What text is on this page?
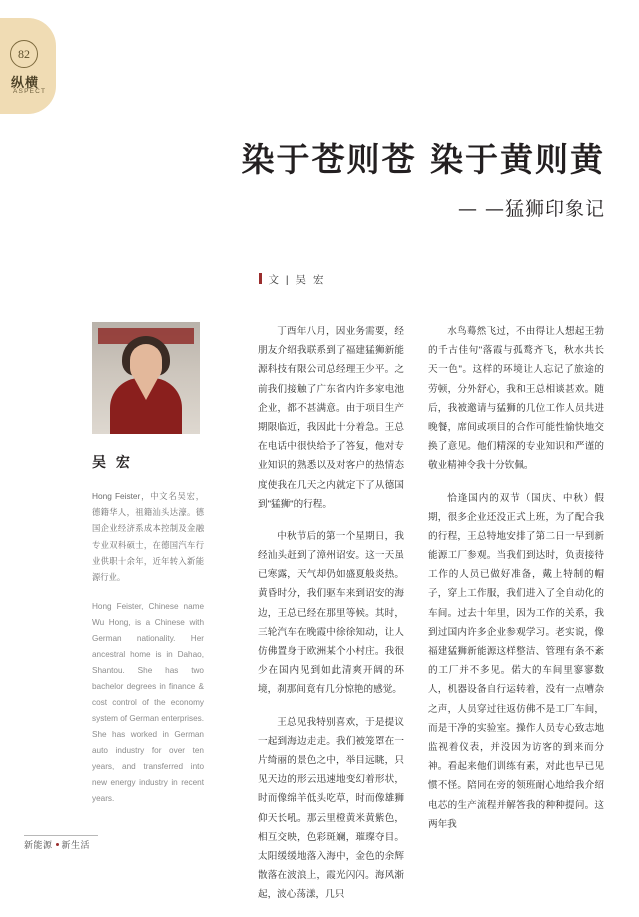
82
纵横
ASPECT
染于苍则苍 染于黄则黄
— —猛狮印象记
文 | 吴 宏
吴 宏
Hong Feister，中文名吴宏，德籍华人，祖籍汕头达濠。德国企业经济系成本控制及金融专业双科硕士，在德国汽车行业供职十余年，近年转入新能源行业。
Hong Feister, Chinese name Wu Hong, is a Chinese with German nationality. Her ancestral home is in Dahao, Shantou. She has two bachelor degrees in finance & cost control of the economy system of German enterprises. She has worked in German auto industry for over ten years, and transferred into new energy industry in recent years.

丁酉年八月，因业务需要，经朋友介绍我联系到了福建猛狮新能源科技有限公司总经理王少平。之前我们接触了广东省内许多家电池企业，都不甚满意。由于项目生产期限临近，我因此十分着急。王总在电话中很快给予了答复，他对专业知识的熟悉以及对客户的热情态度使我在几天之内就定下了从德国到"猛狮"的行程。

中秋节后的第一个星期日，我经汕头赶到了漳州诏安。这一天虽已寒露，天气却仍如盛夏般炎热。黄昏时分，我们驱车来到诏安的海边，王总已经在那里等候。其时，三轮汽车在晚霞中徐徐知动，让人仿佛置身于欧洲某个小村庄。我很少在国内见到如此清爽开阔的环境，刹那间竟有几分惊艳的感觉。

王总见我特别喜欢，于是提议一起到海边走走。我们被笼罩在一片绮丽的景色之中，举目远眺，只见天边的形云迅速地变幻着形状，时而像绵羊低头吃草，时而像雄狮仰天长吼。那云里橙黄米黄紫色，相互交映，色彩斑斓，璀璨夺目。太阳缓缓地落入海中，金色的余辉散落在波浪上，霞光闪闪。海风渐起，波心荡漾，几只

水鸟蓦然飞过，不由得让人想起王勃的千古佳句"落霞与孤鹜齐飞，秋水共长天一色"。这样的环境让人忘记了旅途的劳顿，分外舒心，我和王总相谈甚欢。随后，我被邀请与猛狮的几位工作人员共进晚餐，席间或项目的合作可能性愉快地交换了意见。他们精深的专业知识和严谨的敬业精神令我十分钦佩。

恰逢国内的双节（国庆、中秋）假期，很多企业还没正式上班，为了配合我的行程，王总特地安排了第二日一早到新能源工厂参观。当我们到达时，负责接待工作的人员已做好准备，戴上特制的帽子，穿上工作服，我们进入了全自动化的车间。过去十年里，因为工作的关系，我到过国内许多企业参观学习。老实说，像福建猛狮新能源这样整洁、管理有条不紊的工厂并不多见。偌大的车间里寥寥数人，机器设备自行运转着，没有一点嘈杂之声，人员穿过往返仿佛不是工厂车间，而是干净的实验室。操作人员专心致志地监视着仪表，并没因为访客的到来而分神。看起来他们训练有素，对此也早已见惯不怪。陪同在旁的领班耐心地给我介绍电芯的生产流程并解答我的种种提问。这两年我

新能源 新生活
